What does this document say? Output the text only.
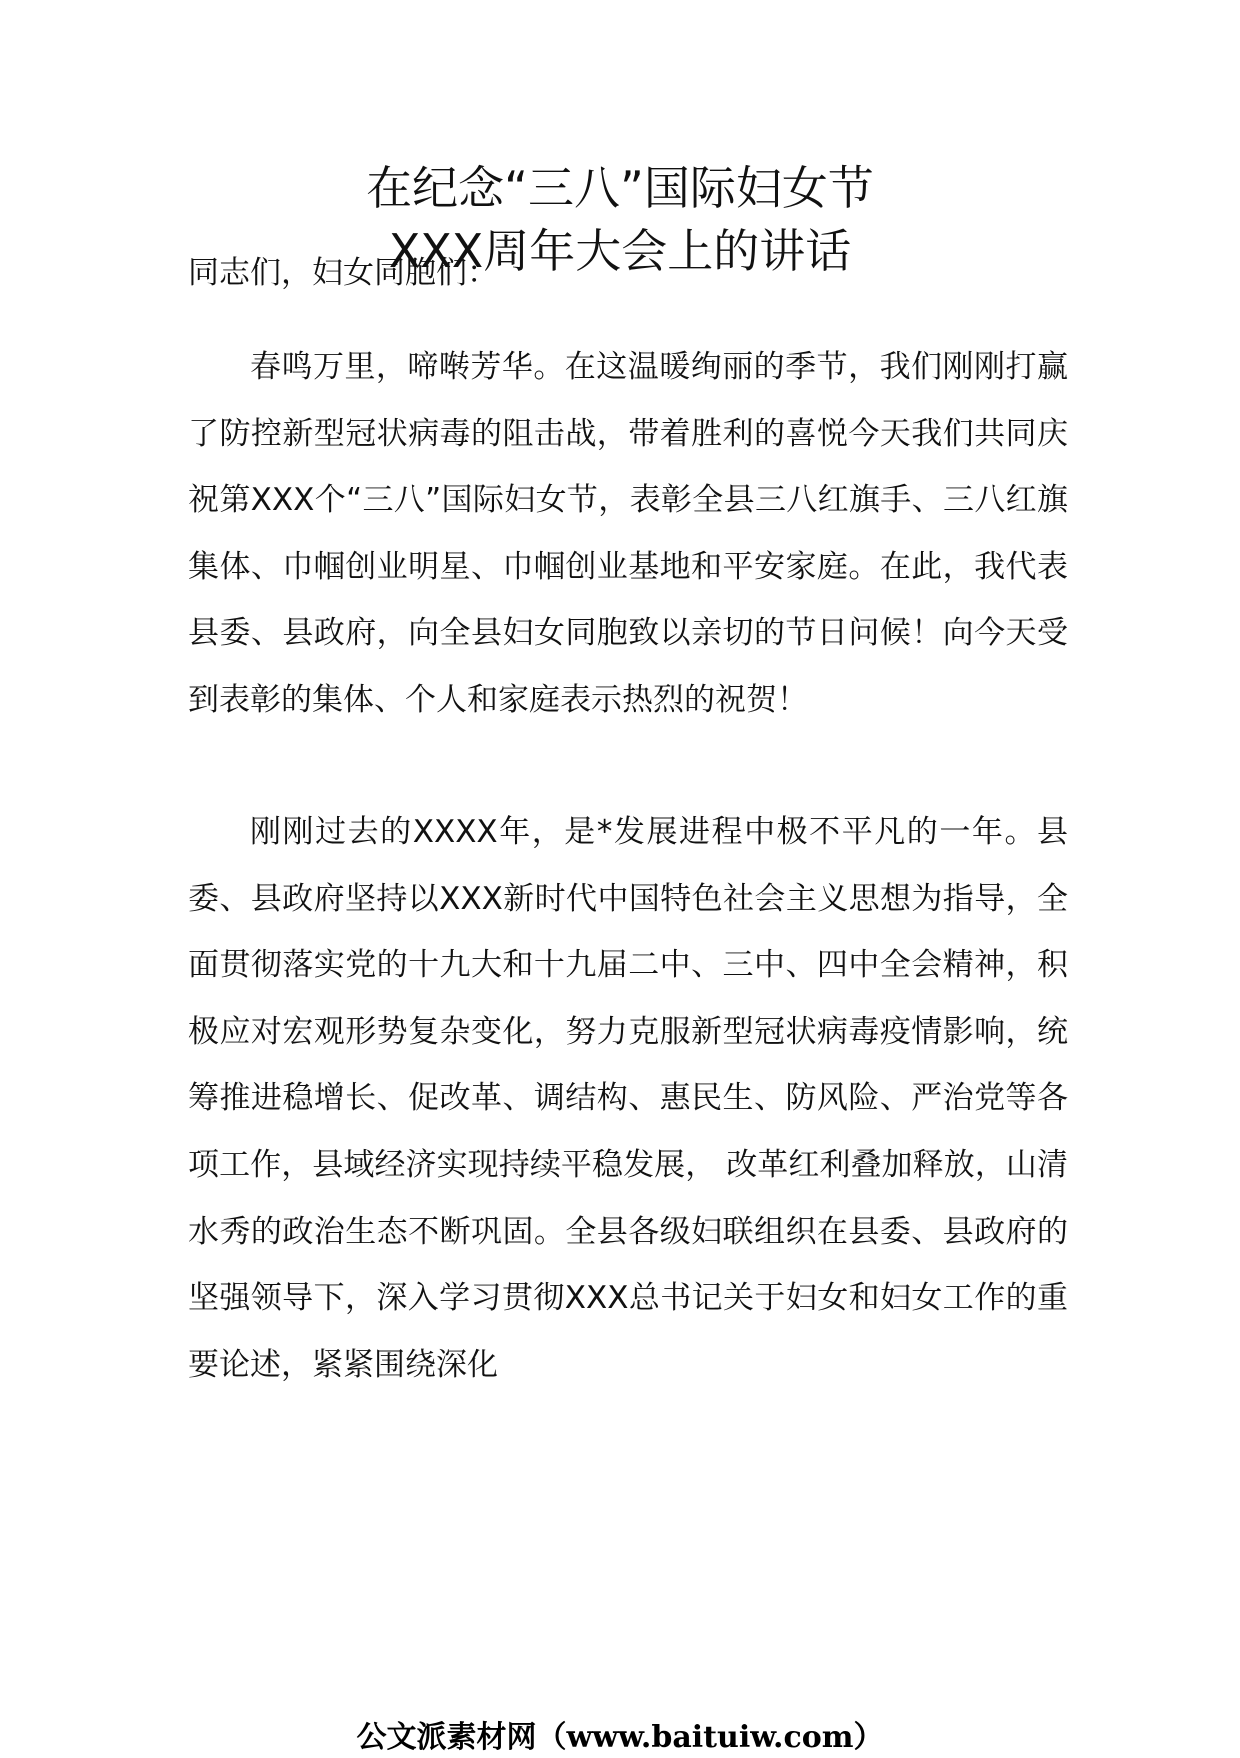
在纪念“三八”国际妇女节
XXX周年大会上的讲话

同志们，妇女同胞们：

春鸣万里，啼啭芳华。在这温暖绚丽的季节，我们刚刚打赢了防控新型冠状病毒的阻击战，带着胜利的喜悦今天我们共同庆祝第XXX个“三八”国际妇女节，表彰全县三八红旗手、三八红旗集体、巾帼创业明星、巾帼创业基地和平安家庭。在此，我代表县委、县政府，向全县妇女同胞致以亲切的节日问候！向今天受到表彰的集体、个人和家庭表示热烈的祝贺！

刚刚过去的XXXX年，是*发展进程中极不平凡的一年。县委、县政府坚持以XXX新时代中国特色社会主义思想为指导，全面贯彻落实党的十九大和十九届二中、三中、四中全会精神，积极应对宏观形势复杂变化，努力克服新型冠状病毒疫情影响，统筹推进稳增长、促改革、调结构、惠民生、防风险、严治党等各项工作，县域经济实现持续平稳发展， 改革红利叠加释放，山清水秀的政治生态不断巩固。全县各级妇联组织在县委、县政府的坚强领导下，深入学习贯彻XXX总书记关于妇女和妇女工作的重要论述，紧紧围绕深化

公文派素材网（www.baituiw.com）
